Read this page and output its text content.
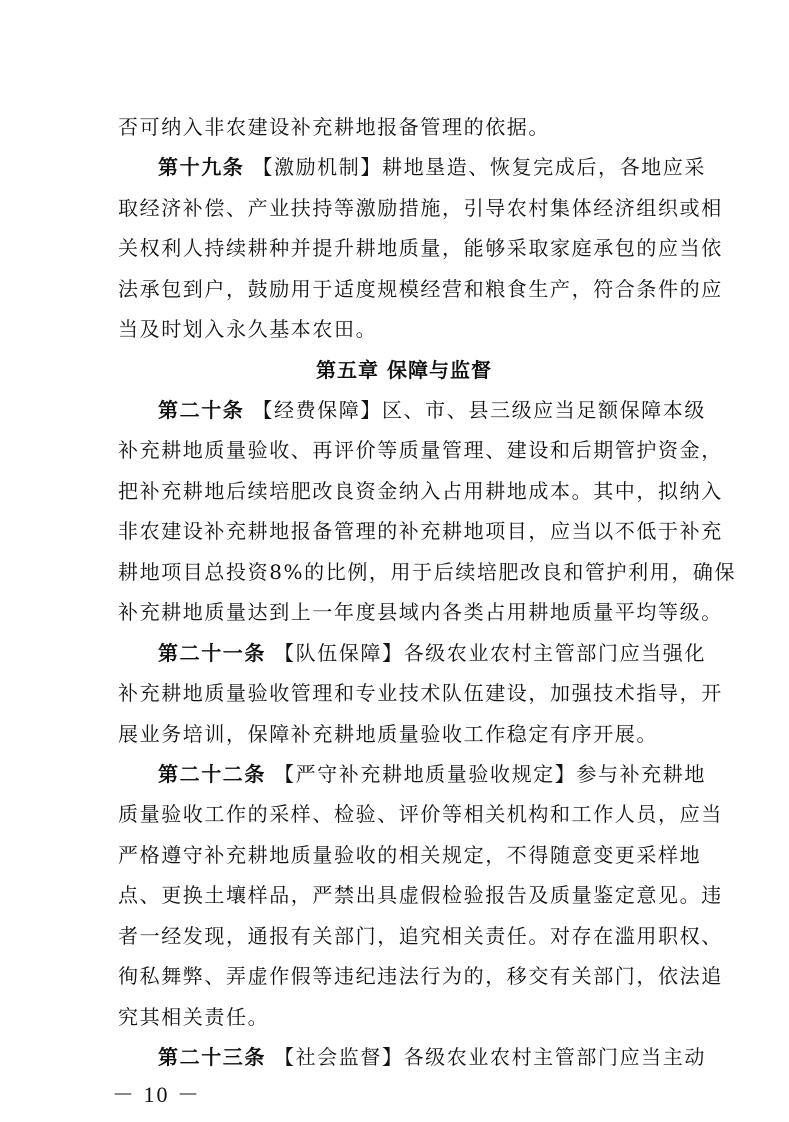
否可纳入非农建设补充耕地报备管理的依据。
第十九条 【激励机制】耕地垦造、恢复完成后，各地应采
取经济补偿、产业扶持等激励措施，引导农村集体经济组织或相
关权利人持续耕种并提升耕地质量，能够采取家庭承包的应当依
法承包到户，鼓励用于适度规模经营和粮食生产，符合条件的应
当及时划入永久基本农田。
第五章 保障与监督
第二十条 【经费保障】区、市、县三级应当足额保障本级
补充耕地质量验收、再评价等质量管理、建设和后期管护资金，
把补充耕地后续培肥改良资金纳入占用耕地成本。其中，拟纳入
非农建设补充耕地报备管理的补充耕地项目，应当以不低于补充
耕地项目总投资8%的比例，用于后续培肥改良和管护利用，确保
补充耕地质量达到上一年度县域内各类占用耕地质量平均等级。
第二十一条 【队伍保障】各级农业农村主管部门应当强化
补充耕地质量验收管理和专业技术队伍建设，加强技术指导，开
展业务培训，保障补充耕地质量验收工作稳定有序开展。
第二十二条 【严守补充耕地质量验收规定】参与补充耕地
质量验收工作的采样、检验、评价等相关机构和工作人员，应当
严格遵守补充耕地质量验收的相关规定，不得随意变更采样地
点、更换土壤样品，严禁出具虚假检验报告及质量鉴定意见。违
者一经发现，通报有关部门，追究相关责任。对存在滥用职权、
徇私舞弊、弄虚作假等违纪违法行为的，移交有关部门，依法追
究其相关责任。
第二十三条 【社会监督】各级农业农村主管部门应当主动
－ 10 －
